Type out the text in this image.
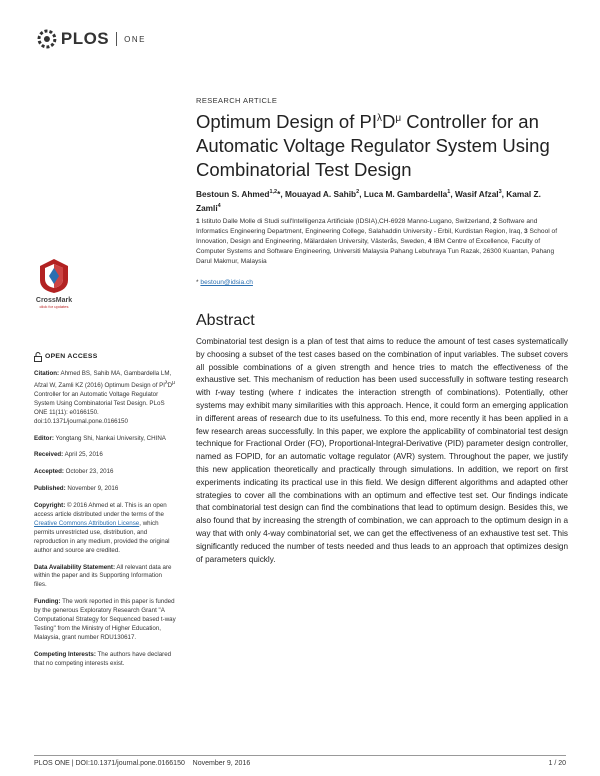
PLOS ONE
RESEARCH ARTICLE
Optimum Design of $PI^\lambda D^\mu$ Controller for an Automatic Voltage Regulator System Using Combinatorial Test Design
Bestoun S. Ahmed$^{1,2}$*, Mouayad A. Sahib$^2$, Luca M. Gambardella$^1$, Wasif Afzal$^3$, Kamal Z. Zamli$^4$
1 Istituto Dalle Molle di Studi sull'Intelligenza Artificiale (IDSIA),CH-6928 Manno-Lugano, Switzerland, 2 Software and Informatics Engineering Department, Engineering College, Salahaddin University - Erbil, Kurdistan Region, Iraq, 3 School of Innovation, Design and Engineering, Mälardalen University, Västerås, Sweden, 4 IBM Centre of Excellence, Faculty of Computer Systems and Software Engineering, Universiti Malaysia Pahang Lebuhraya Tun Razak, 26300 Kuantan, Pahang Darul Makmur, Malaysia
* bestoun@idsia.ch
Abstract
Combinatorial test design is a plan of test that aims to reduce the amount of test cases systematically by choosing a subset of the test cases based on the combination of input variables. The subset covers all possible combinations of a given strength and hence tries to match the effectiveness of the exhaustive set. This mechanism of reduction has been used successfully in software testing research with t-way testing (where t indicates the interaction strength of combinations). Potentially, other systems may exhibit many similarities with this approach. Hence, it could form an emerging application in different areas of research due to its usefulness. To this end, more recently it has been applied in a few research areas successfully. In this paper, we explore the applicability of combinatorial test design technique for Fractional Order (FO), Proportional-Integral-Derivative (PID) parameter design controller, named as FOPID, for an automatic voltage regulator (AVR) system. Throughout the paper, we justify this new application theoretically and practically through simulations. In addition, we report on first experiments indicating its practical use in this field. We design different algorithms and adapted other strategies to cover all the combinations with an optimum and effective test set. Our findings indicate that combinatorial test design can find the combinations that lead to optimum design. Besides this, we also found that by increasing the strength of combination, we can approach to the optimum design in a way that with only 4-way combinatorial set, we can get the effectiveness of an exhaustive test set. This significantly reduced the number of tests needed and thus leads to an approach that optimizes design of parameters quickly.
CrossMark
click for updates
OPEN ACCESS

Citation: Ahmed BS, Sahib MA, Gambardella LM, Afzal W, Zamli KZ (2016) Optimum Design of $PI^\lambda D^\mu$ Controller for an Automatic Voltage Regulator System Using Combinatorial Test Design. PLoS ONE 11(11): e0166150. doi:10.1371/journal.pone.0166150

Editor: Yongtang Shi, Nankai University, CHINA

Received: April 25, 2016

Accepted: October 23, 2016

Published: November 9, 2016

Copyright: © 2016 Ahmed et al. This is an open access article distributed under the terms of the Creative Commons Attribution License, which permits unrestricted use, distribution, and reproduction in any medium, provided the original author and source are credited.

Data Availability Statement: All relevant data are within the paper and its Supporting Information files.

Funding: The work reported in this paper is funded by the generous Exploratory Research Grant "A Computational Strategy for Sequenced based t-way Testing" from the Ministry of Higher Education, Malaysia, grant number RDU130617.

Competing Interests: The authors have declared that no competing interests exist.

PLOS ONE | DOI:10.1371/journal.pone.0166150    November 9, 2016	1 / 20
